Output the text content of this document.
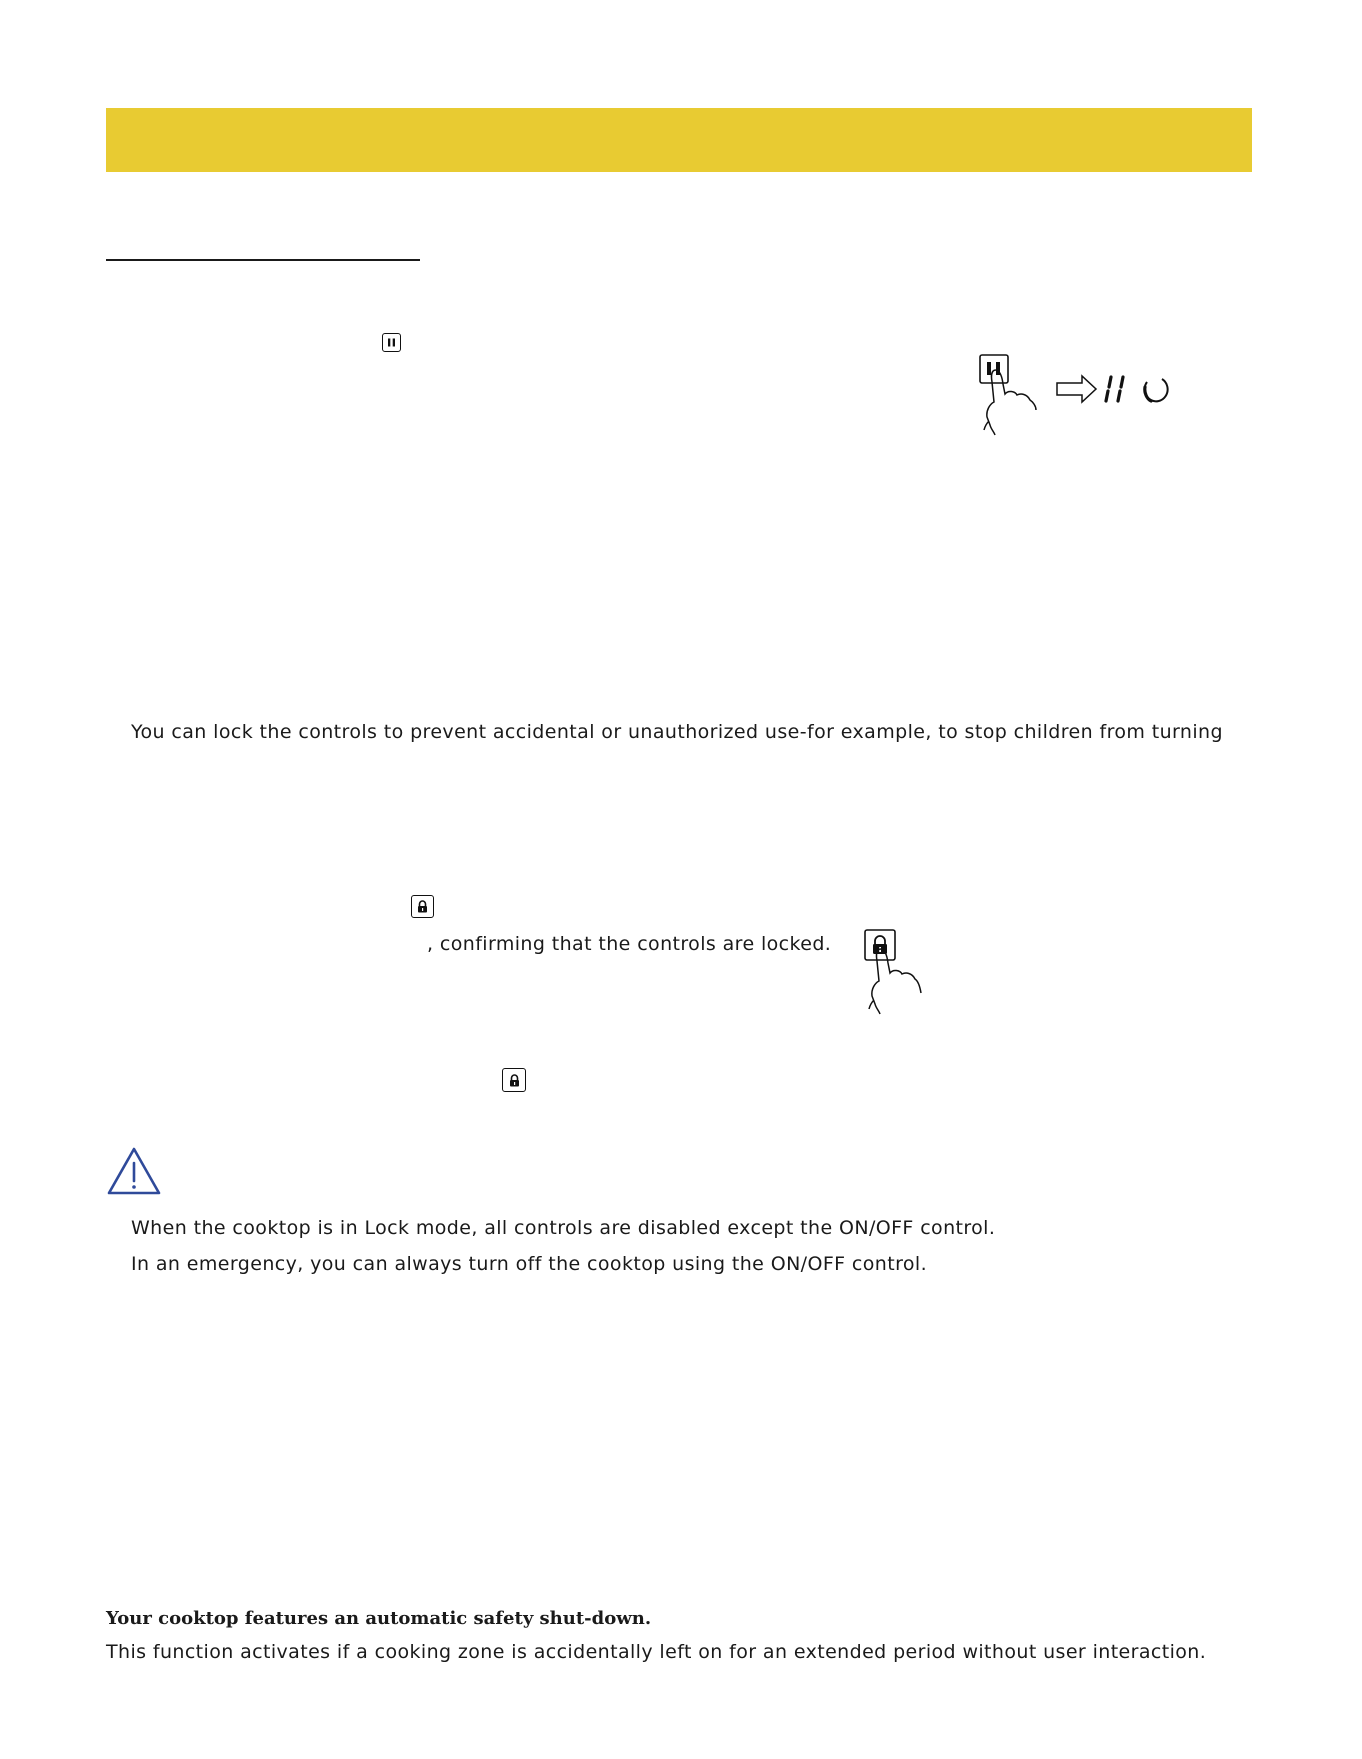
You can lock the controls to prevent accidental or unauthorized use-for example, to stop children from turning
, confirming that the controls are locked.
When the cooktop is in Lock mode, all controls are disabled except the ON/OFF control.
In an emergency, you can always turn off the cooktop using the ON/OFF control.
Your cooktop features an automatic safety shut-down.
This function activates if a cooking zone is accidentally left on for an extended period without user interaction.
